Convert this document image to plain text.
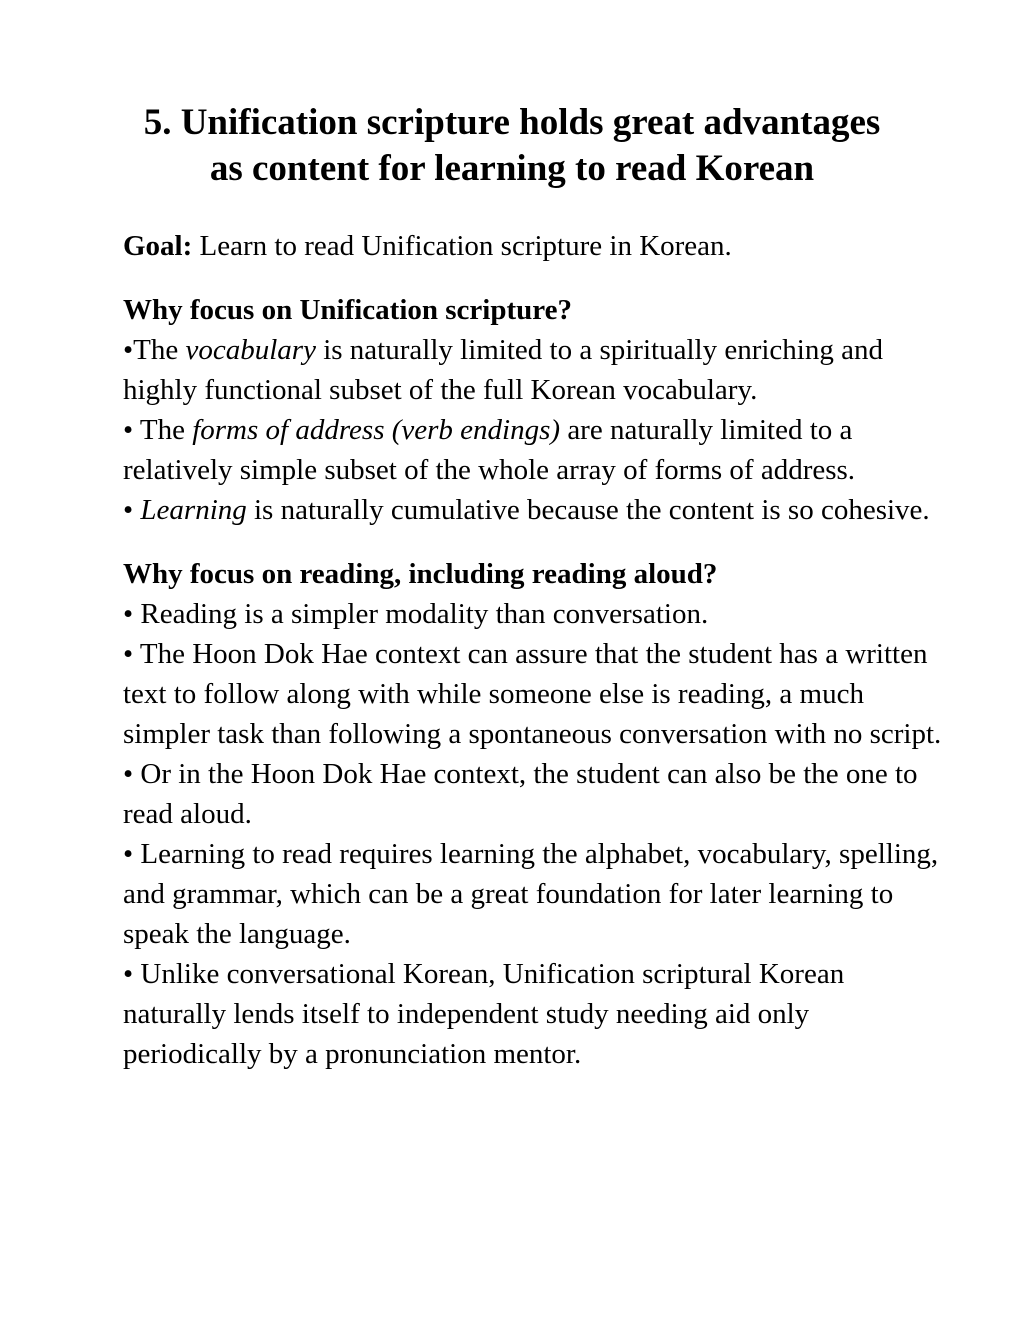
5. Unification scripture holds great advantages
as content for learning to read Korean

Goal: Learn to read Unification scripture in Korean.

Why focus on Unification scripture?

•The vocabulary is naturally limited to a spiritually enriching and highly functional subset of the full Korean vocabulary.

• The forms of address (verb endings) are naturally limited to a relatively simple subset of the whole array of forms of address.

• Learning is naturally cumulative because the content is so cohesive.

Why focus on reading, including reading aloud?

• Reading is a simpler modality than conversation.

• The Hoon Dok Hae context can assure that the student has a written text to follow along with while someone else is reading, a much simpler task than following a spontaneous conversation with no script.

• Or in the Hoon Dok Hae context, the student can also be the one to read aloud.

• Learning to read requires learning the alphabet, vocabulary, spelling, and grammar, which can be a great foundation for later learning to speak the language.

• Unlike conversational Korean, Unification scriptural Korean naturally lends itself to independent study needing aid only periodically by a pronunciation mentor.
